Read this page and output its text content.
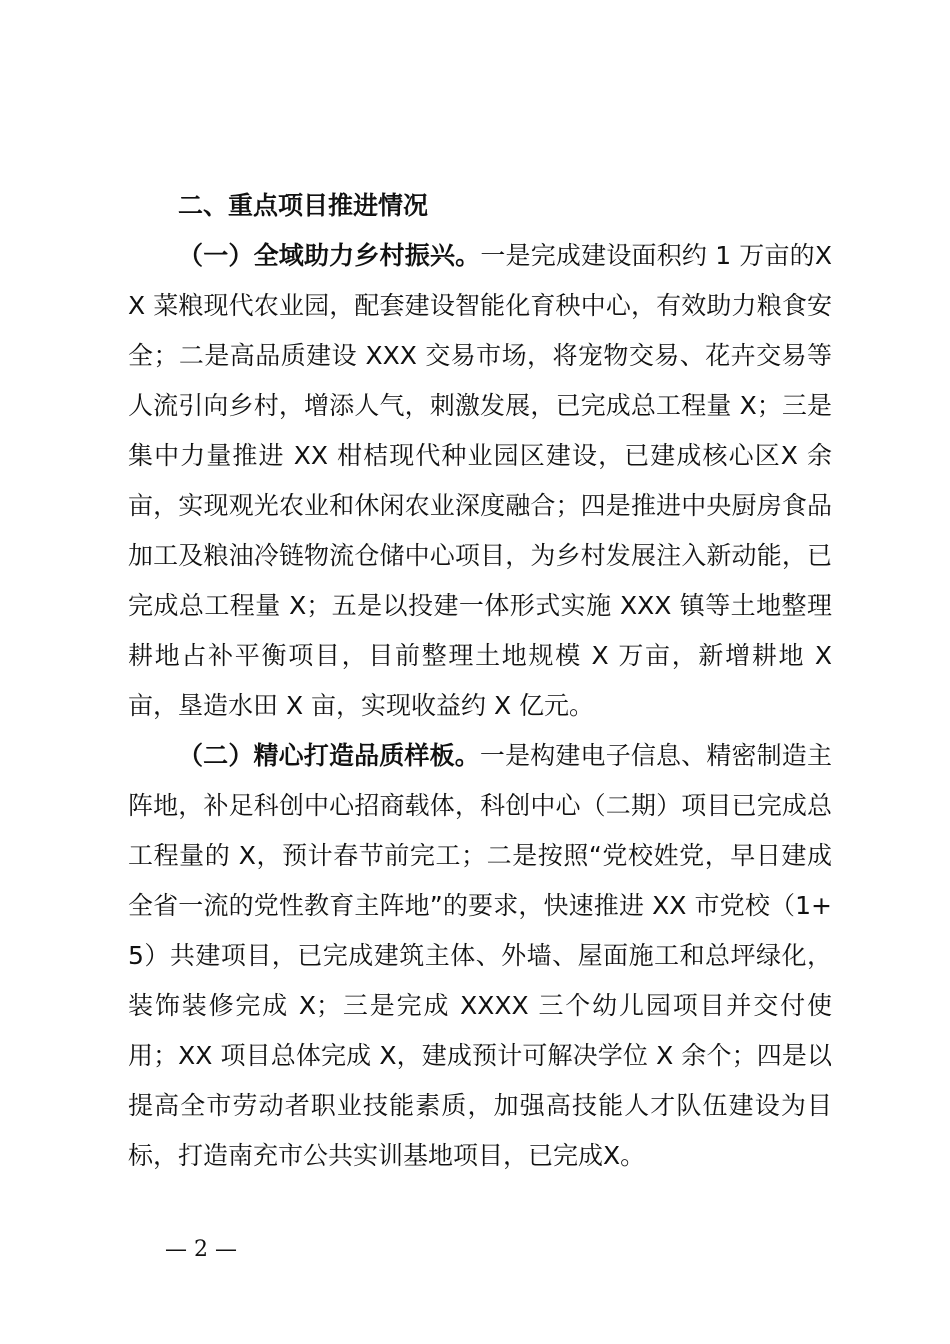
二、重点项目推进情况

（一）全域助力乡村振兴。一是完成建设面积约 1 万亩的XX 菜粮现代农业园，配套建设智能化育秧中心，有效助力粮食安全；二是高品质建设 XXX 交易市场，将宠物交易、花卉交易等人流引向乡村，增添人气，刺激发展，已完成总工程量 X；三是集中力量推进 XX 柑桔现代种业园区建设，已建成核心区X 余亩，实现观光农业和休闲农业深度融合；四是推进中央厨房食品加工及粮油冷链物流仓储中心项目，为乡村发展注入新动能，已完成总工程量 X；五是以投建一体形式实施 XXX 镇等土地整理耕地占补平衡项目，目前整理土地规模 X 万亩，新增耕地 X 亩，垦造水田 X 亩，实现收益约 X 亿元。

（二）精心打造品质样板。一是构建电子信息、精密制造主阵地，补足科创中心招商载体，科创中心（二期）项目已完成总工程量的 X，预计春节前完工；二是按照“党校姓党，早日建成全省一流的党性教育主阵地”的要求，快速推进 XX 市党校（1+5）共建项目，已完成建筑主体、外墙、屋面施工和总坪绿化，装饰装修完成 X；三是完成 XXXX 三个幼儿园项目并交付使用；XX 项目总体完成 X，建成预计可解决学位 X 余个；四是以提高全市劳动者职业技能素质，加强高技能人才队伍建设为目标，打造南充市公共实训基地项目，已完成X。

— 2 —
